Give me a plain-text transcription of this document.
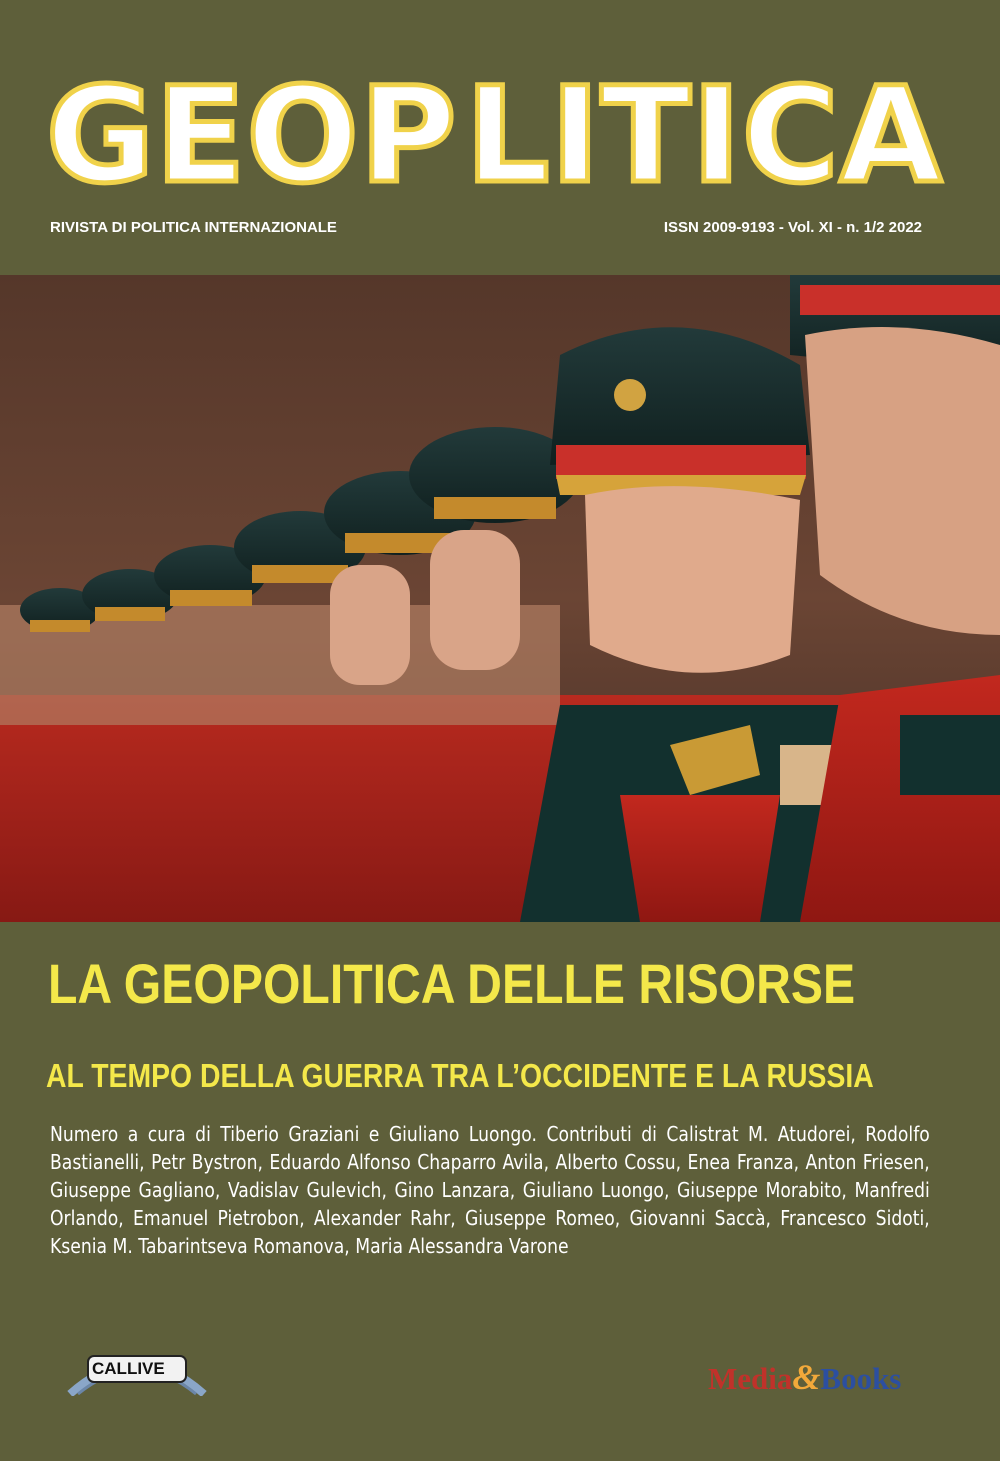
GEOP LITICA
RIVISTA DI POLITICA INTERNAZIONALE	ISSN 2009-9193 - Vol. XI - n. 1/2 2022
LA GEOPOLITICA DELLE RISORSE
AL TEMPO DELLA GUERRA TRA L’OCCIDENTE E LA RUSSIA
Numero a cura di Tiberio Graziani e Giuliano Luongo. Contributi di Calistrat M. Atudorei, Rodolfo Bastianelli, Petr Bystron, Eduardo Alfonso Chaparro Avila, Alberto Cossu, Enea Franza, Anton Friesen, Giuseppe Gagliano, Vadislav Gulevich, Gino Lanzara, Giuliano Luongo, Giuseppe Morabito, Manfredi Orlando, Emanuel Pietrobon, Alexander Rahr, Giuseppe Romeo, Giovanni Saccà, Francesco Sidoti, Ksenia M. Tabarintseva Romanova, Maria Alessandra Varone
CALLIVE	Media&Books
